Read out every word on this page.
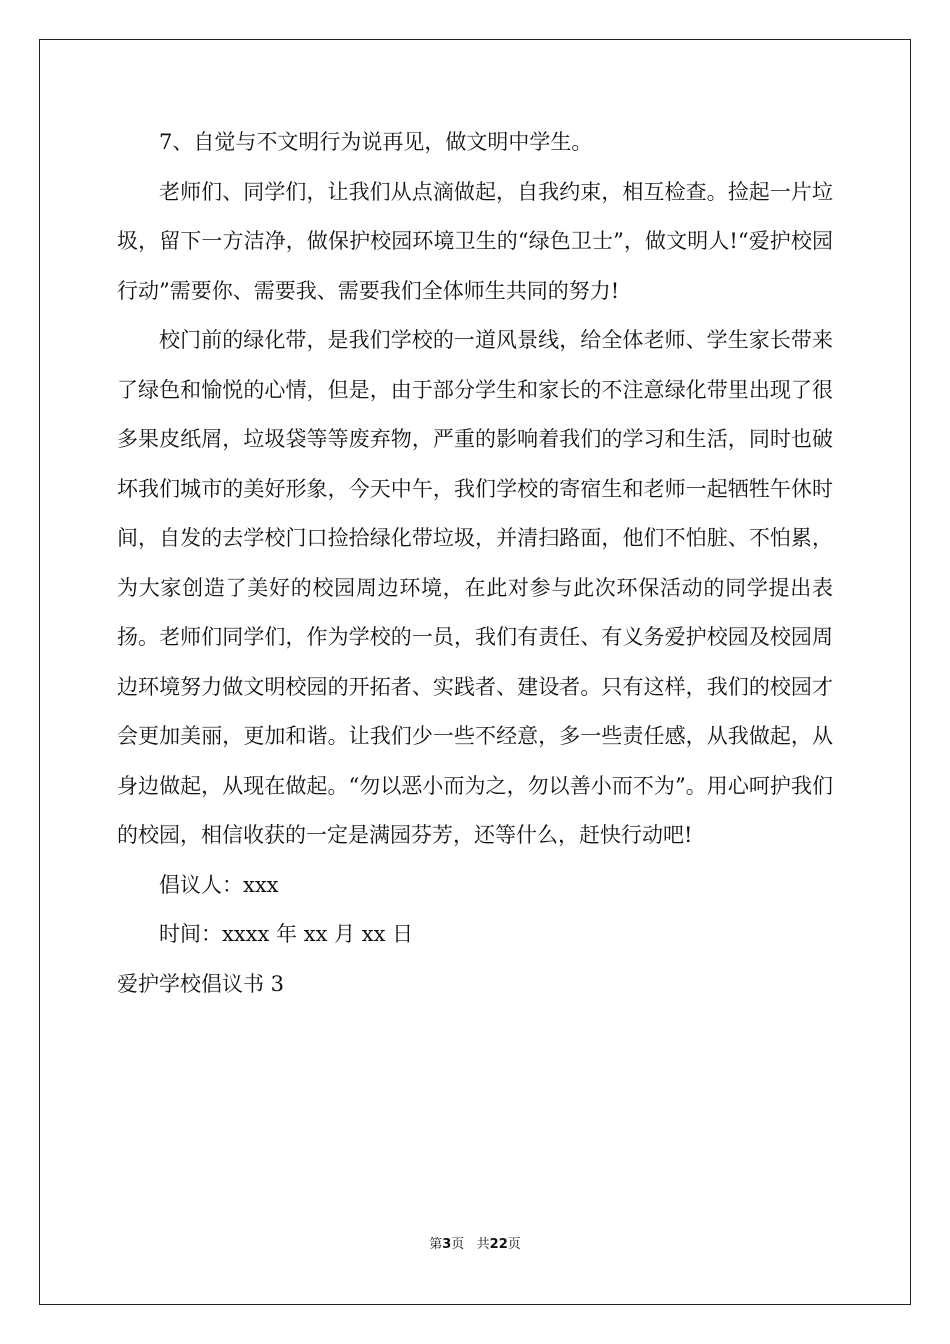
7、自觉与不文明行为说再见，做文明中学生。

老师们、同学们，让我们从点滴做起，自我约束，相互检查。捡起一片垃圾，留下一方洁净，做保护校园环境卫生的“绿色卫士”，做文明人!“爱护校园行动”需要你、需要我、需要我们全体师生共同的努力!

校门前的绿化带，是我们学校的一道风景线，给全体老师、学生家长带来了绿色和愉悦的心情，但是，由于部分学生和家长的不注意绿化带里出现了很多果皮纸屑，垃圾袋等等废弃物，严重的影响着我们的学习和生活，同时也破坏我们城市的美好形象，今天中午，我们学校的寄宿生和老师一起牺牲午休时间，自发的去学校门口捡拾绿化带垃圾，并清扫路面，他们不怕脏、不怕累，为大家创造了美好的校园周边环境，在此对参与此次环保活动的同学提出表扬。老师们同学们，作为学校的一员，我们有责任、有义务爱护校园及校园周边环境努力做文明校园的开拓者、实践者、建设者。只有这样，我们的校园才会更加美丽，更加和谐。让我们少一些不经意，多一些责任感，从我做起，从身边做起，从现在做起。“勿以恶小而为之，勿以善小而不为”。用心呵护我们的校园，相信收获的一定是满园芬芳，还等什么，赶快行动吧!

倡议人：xxx

时间：xxxx 年 xx 月 xx 日

爱护学校倡议书 3

第3页   共22页
